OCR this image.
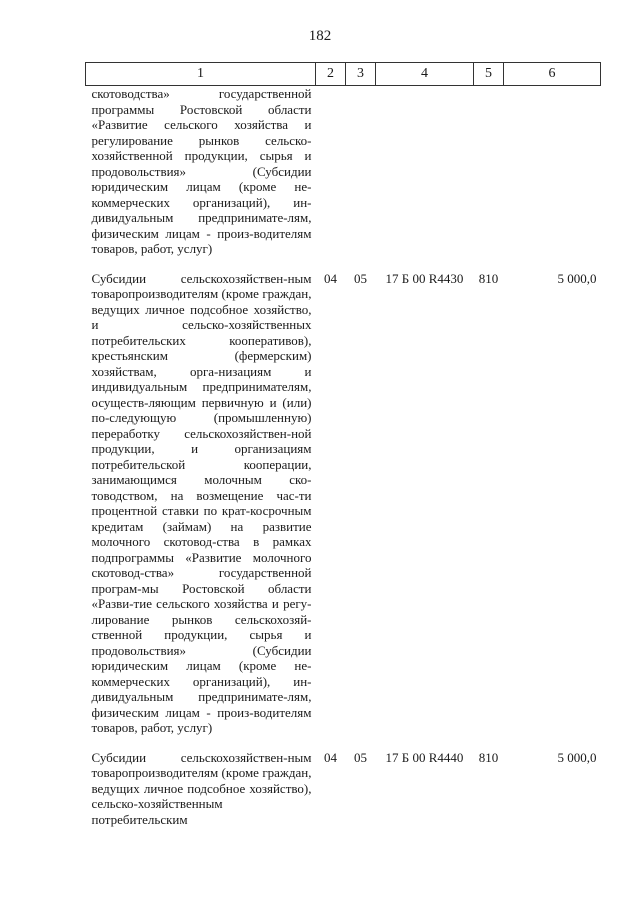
182
1	2	3	4	5	6
скотоводства» государственной программы Ростовской области «Развитие сельского хозяйства и регулирование рынков сельско-хозяйственной продукции, сырья и продовольствия» (Субсидии юридическим лицам (кроме не-коммерческих организаций), ин-дивидуальным предпринимате-лям, физическим лицам - произ-водителям товаров, работ, услуг)					

Субсидии сельскохозяйствен-ным товаропроизводителям (кроме граждан, ведущих личное подсобное хозяйство, и сельско-хозяйственных потребительских кооперативов), крестьянским (фермерским) хозяйствам, орга-низациям и индивидуальным предпринимателям, осуществ-ляющим первичную и (или) по-следующую (промышленную) переработку сельскохозяйствен-ной продукции, и организациям потребительской кооперации, занимающимся молочным ско-товодством, на возмещение час-ти процентной ставки по крат-косрочным кредитам (займам) на развитие молочного скотовод-ства в рамках подпрограммы «Развитие молочного скотовод-ства» государственной програм-мы Ростовской области «Разви-тие сельского хозяйства и регу-лирование рынков сельскохозяй-ственной продукции, сырья и продовольствия» (Субсидии юридическим лицам (кроме не-коммерческих организаций), ин-дивидуальным предпринимате-лям, физическим лицам - произ-водителям товаров, работ, услуг)	04	05	17 Б 00 R4430	810	5 000,0

Субсидии сельскохозяйствен-ным товаропроизводителям (кроме граждан, ведущих личное подсобное хозяйство), сельско-хозяйственным потребительским	04	05	17 Б 00 R4440	810	5 000,0
